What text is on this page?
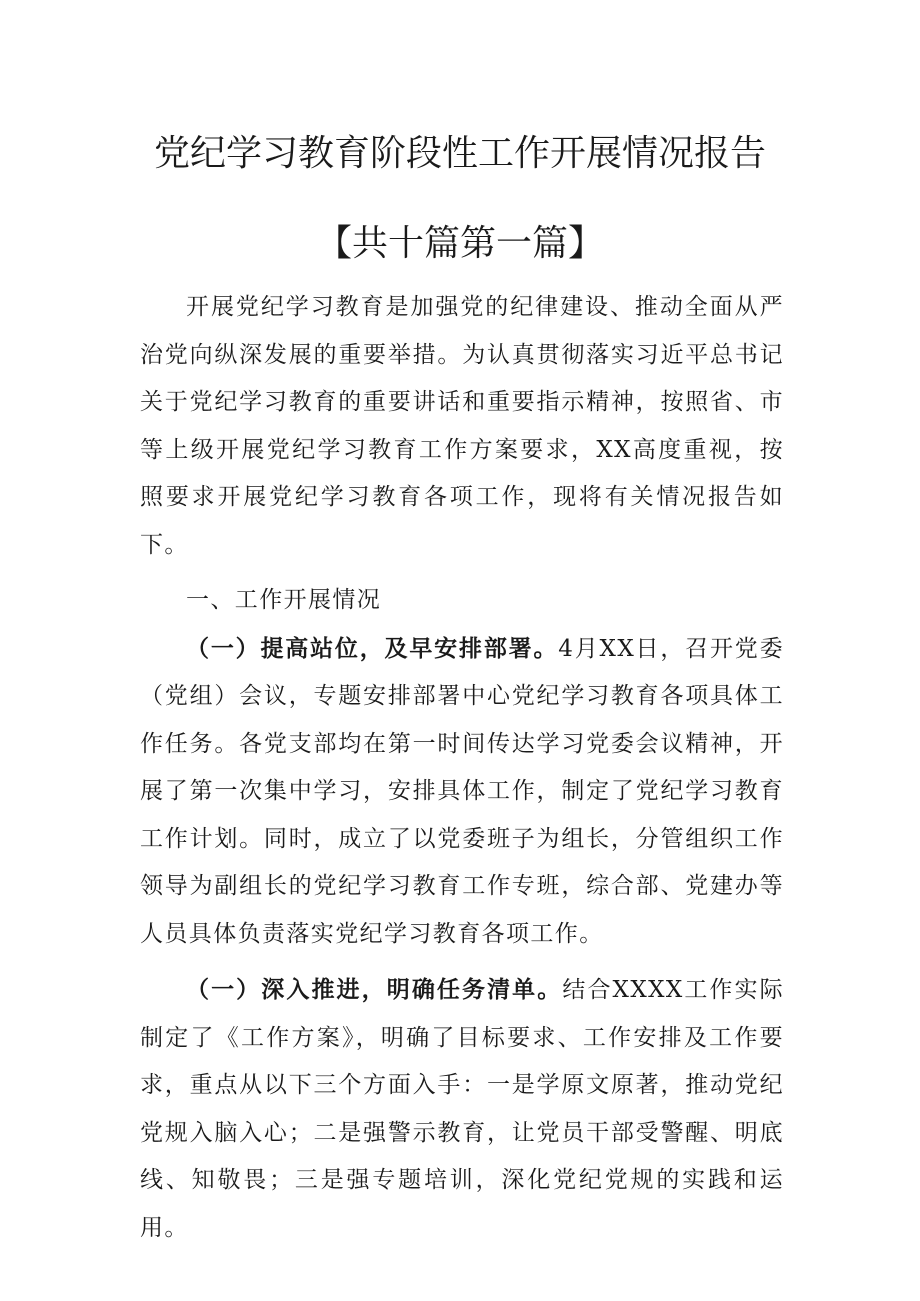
党纪学习教育阶段性工作开展情况报告
【共十篇第一篇】

开展党纪学习教育是加强党的纪律建设、推动全面从严治党向纵深发展的重要举措。为认真贯彻落实习近平总书记关于党纪学习教育的重要讲话和重要指示精神，按照省、市等上级开展党纪学习教育工作方案要求，XX高度重视，按照要求开展党纪学习教育各项工作，现将有关情况报告如下。

一、工作开展情况

（一）提高站位，及早安排部署。4月XX日，召开党委（党组）会议，专题安排部署中心党纪学习教育各项具体工作任务。各党支部均在第一时间传达学习党委会议精神，开展了第一次集中学习，安排具体工作，制定了党纪学习教育工作计划。同时，成立了以党委班子为组长，分管组织工作领导为副组长的党纪学习教育工作专班，综合部、党建办等人员具体负责落实党纪学习教育各项工作。

（一）深入推进，明确任务清单。结合XXXX工作实际制定了《工作方案》，明确了目标要求、工作安排及工作要求，重点从以下三个方面入手：一是学原文原著，推动党纪党规入脑入心；二是强警示教育，让党员干部受警醒、明底线、知敬畏；三是强专题培训，深化党纪党规的实践和运用。
